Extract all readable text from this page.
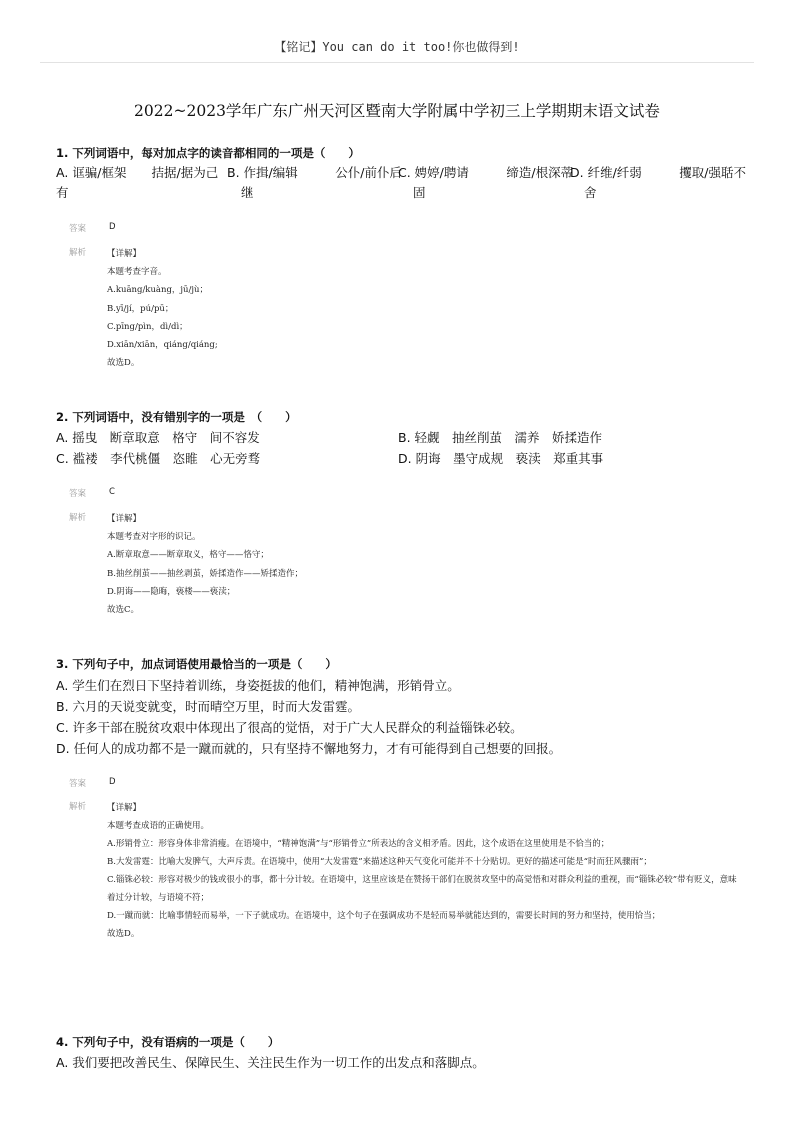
【铭记】You can do it too!你也做得到!
2022~2023学年广东广州天河区暨南大学附属中学初三上学期期末语文试卷
1. 下列词语中，每对加点字的读音都相同的一项是（　　）
A. 诓骗/框架　　拮据/据为己
有
B. 作揖/编辑　　　公仆/前仆后
继
C. 娉婷/聘请　　　缔造/根深蒂
固
D. 纤维/纤弱　　　攫取/强聒不
舍
答案	D
解析 【详解】
本题考查字音。
A.kuāng/kuàng，jū/jù；
B.yī/jí，pú/pū；
C.pīng/pìn，dì/dì；
D.xiān/xiān，qiáng/qiáng;
故选D。
2. 下列词语中，没有错别字的一项是　（　　）
A. 摇曳　断章取意　格守　间不容发	B. 轻觑　抽丝削茧　濡养　娇揉造作
C. 褴褛　李代桃僵　恣睢　心无旁骛	D. 阴诲　墨守成规　亵渎　郑重其事
答案	C
解析 【详解】
本题考查对字形的识记。
A.断章取意——断章取义，格守——恪守；
B.抽丝削茧——抽丝剥茧，娇揉造作——矫揉造作；
D.阴诲——隐晦，亵楼——亵渎；
故选C。
3. 下列句子中，加点词语使用最恰当的一项是（　　）
A. 学生们在烈日下坚持着训练，身姿挺拔的他们，精神饱满，形销骨立。
B. 六月的天说变就变，时而晴空万里，时而大发雷霆。
C. 许多干部在脱贫攻艰中体现出了很高的觉悟，对于广大人民群众的利益锱铢必较。
D. 任何人的成功都不是一蹴而就的，只有坚持不懈地努力，才有可能得到自己想要的回报。
答案	D
解析 【详解】
本题考查成语的正确使用。
A.形销骨立：形容身体非常消瘦。在语境中，“精神饱满”与“形销骨立”所表达的含义相矛盾。因此，这个成语在这里使用是不恰当的；
B.大发雷霆：比喻大发脾气，大声斥责。在语境中，使用“大发雷霆”来描述这种天气变化可能并不十分贴切。更好的描述可能是“时而狂风骤雨”；
C.锱铢必较：形容对极少的钱或很小的事，都十分计较。在语境中，这里应该是在赞扬干部们在脱贫攻坚中的高觉悟和对群众利益的重视，而“锱铢必较”带有贬义，意味着过分计较，与语境不符；
D.一蹴而就：比喻事情轻而易举，一下子就成功。在语境中，这个句子在强调成功不是轻而易举就能达到的，需要长时间的努力和坚持，使用恰当；
故选D。
4. 下列句子中，没有语病的一项是（　　）
A. 我们要把改善民生、保障民生、关注民生作为一切工作的出发点和落脚点。
